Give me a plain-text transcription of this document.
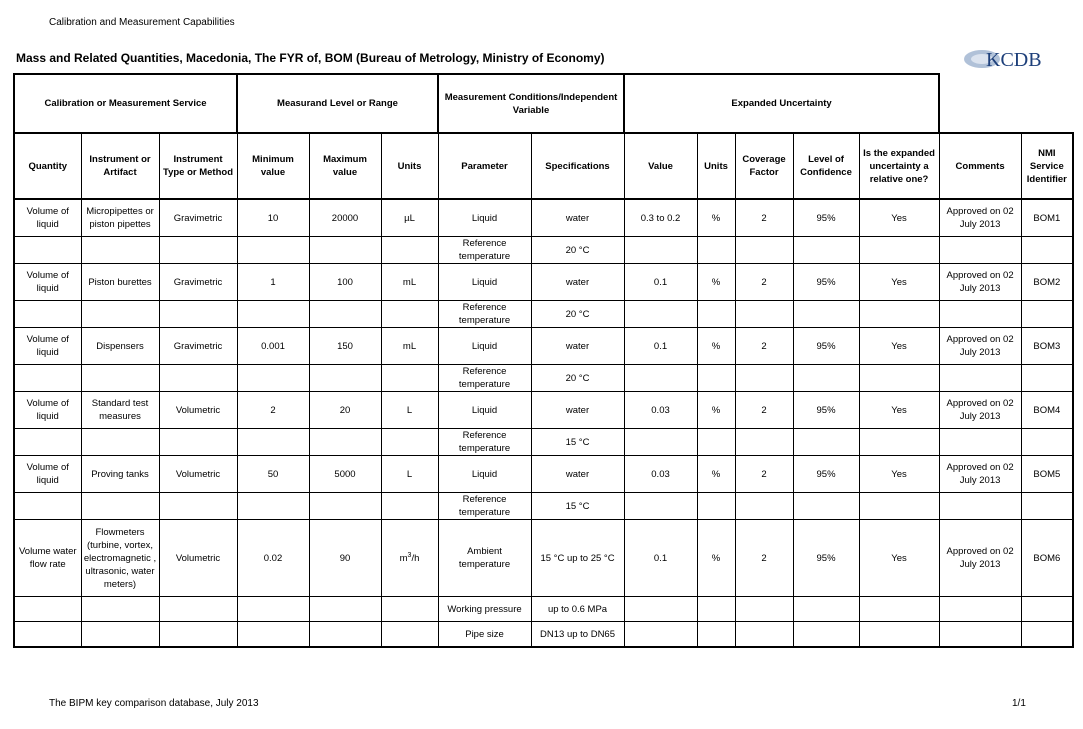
Calibration and Measurement Capabilities
Mass and Related Quantities, Macedonia, The FYR of, BOM (Bureau of Metrology, Ministry of Economy)	KCDB
Calibration or Measurement Service			Measurand Level or Range			Measurement Conditions/Independent Variable		Expanded Uncertainty						
Quantity	Instrument or Artifact	Instrument Type or Method	Minimum value	Maximum value	Units	Parameter	Specifications	Value	Units	Coverage Factor	Level of Confidence	Is the expanded uncertainty a relative one?	Comments	NMI Service Identifier
Volume of liquid	Micropipettes or piston pipettes	Gravimetric	10	20000	µL	Liquid	water	0.3 to 0.2	%	2	95%	Yes	Approved on 02 July 2013	BOM1
						Reference temperature	20 °C							
Volume of liquid	Piston burettes	Gravimetric	1	100	mL	Liquid	water	0.1	%	2	95%	Yes	Approved on 02 July 2013	BOM2
						Reference temperature	20 °C							
Volume of liquid	Dispensers	Gravimetric	0.001	150	mL	Liquid	water	0.1	%	2	95%	Yes	Approved on 02 July 2013	BOM3
						Reference temperature	20 °C							
Volume of liquid	Standard test measures	Volumetric	2	20	L	Liquid	water	0.03	%	2	95%	Yes	Approved on 02 July 2013	BOM4
						Reference temperature	15 °C							
Volume of liquid	Proving tanks	Volumetric	50	5000	L	Liquid	water	0.03	%	2	95%	Yes	Approved on 02 July 2013	BOM5
						Reference temperature	15 °C							
Volume water flow rate	Flowmeters (turbine, vortex, electromagnetic , ultrasonic, water meters)	Volumetric	0.02	90	$m^3/h$	Ambient temperature	15 °C up to 25 °C	0.1	%	2	95%	Yes	Approved on 02 July 2013	BOM6
						Working pressure	up to 0.6 MPa							
						Pipe size	DN13 up to DN65							
The BIPM key comparison database, July 2013	1/1
